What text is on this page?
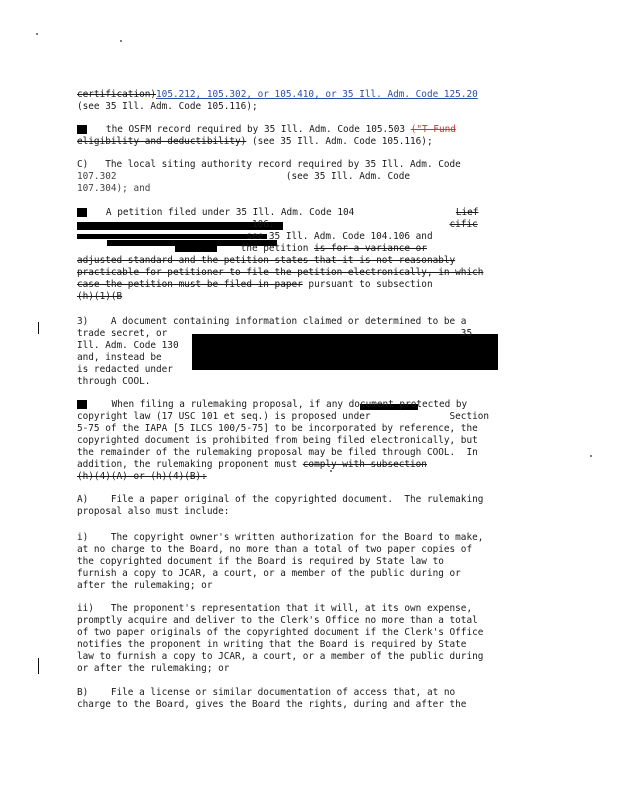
certification)105.212, 105.302, or 105.410, or 35 Ill. Adm. Code 125.20
(see 35 Ill. Adm. Code 105.116);
the OSFM record required by 35 Ill. Adm. Code 105.503 ("T Fund
eligibility and deductibility) (see 35 Ill. Adm. Code 105.116);
C)   The local siting authority record required by 35 Ill. Adm. Code
107.302                              (see 35 Ill. Adm. Code
107.304); and
A petition filed under 35 Ill. Adm. Code 104                  Lief
106.                               cific
see 35 Ill. Adm. Code 104.106 and
the petition is for a variance or
adjusted standard and the petition states that it is not reasonably
practicable for petitioner to file the petition electronically, in which
case the petition must be filed in paper pursuant to subsection
(h)(1)(B
3)    A document containing information claimed or determined to be a
trade secret, or                                                    35
Ill. Adm. Code 130
and, instead be
is redacted under
through COOL.
When filing a rulemaking proposal, if any document protected by
copyright law (17 USC 101 et seq.) is proposed under              Section
5-75 of the IAPA [5 ILCS 100/5-75] to be incorporated by reference, the
copyrighted document is prohibited from being filed electronically, but
the remainder of the rulemaking proposal may be filed through COOL.  In
addition, the rulemaking proponent must comply with subsection
(h)(4)(A) or (h)(4)(B):
A)    File a paper original of the copyrighted document.  The rulemaking
proposal also must include:
i)    The copyright owner's written authorization for the Board to make,
at no charge to the Board, no more than a total of two paper copies of
the copyrighted document if the Board is required by State law to
furnish a copy to JCAR, a court, or a member of the public during or
after the rulemaking; or
ii)   The proponent's representation that it will, at its own expense,
promptly acquire and deliver to the Clerk's Office no more than a total
of two paper originals of the copyrighted document if the Clerk's Office
notifies the proponent in writing that the Board is required by State
law to furnish a copy to JCAR, a court, or a member of the public during
or after the rulemaking; or
B)    File a license or similar documentation of access that, at no
charge to the Board, gives the Board the rights, during and after the
